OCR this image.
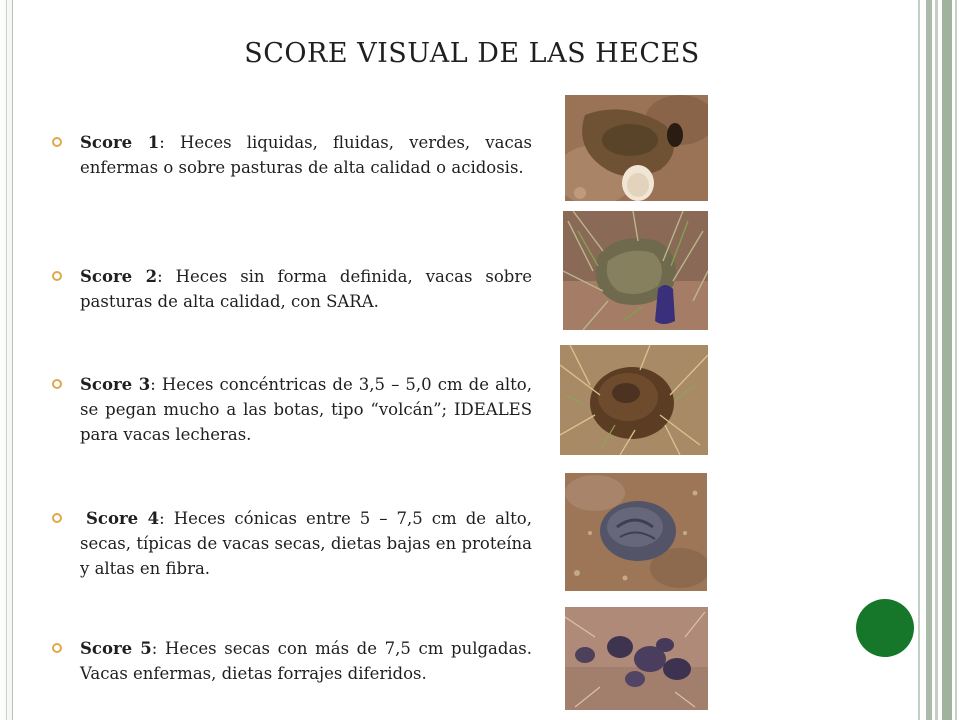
SCORE VISUAL DE LAS HECES
Score 1: Heces liquidas, fluidas, verdes, vacas enfermas o sobre pasturas de alta calidad o acidosis.
Score 2: Heces sin forma definida, vacas sobre pasturas de alta calidad, con SARA.
Score 3: Heces concéntricas de 3,5 – 5,0 cm de alto, se pegan mucho a las botas, tipo “volcán”; IDEALES para vacas lecheras.
Score 4: Heces cónicas entre 5 – 7,5 cm de alto, secas, típicas de vacas secas, dietas bajas en proteína y altas en fibra.
Score 5: Heces secas con más de 7,5 cm pulgadas. Vacas enfermas, dietas forrajes diferidos.
